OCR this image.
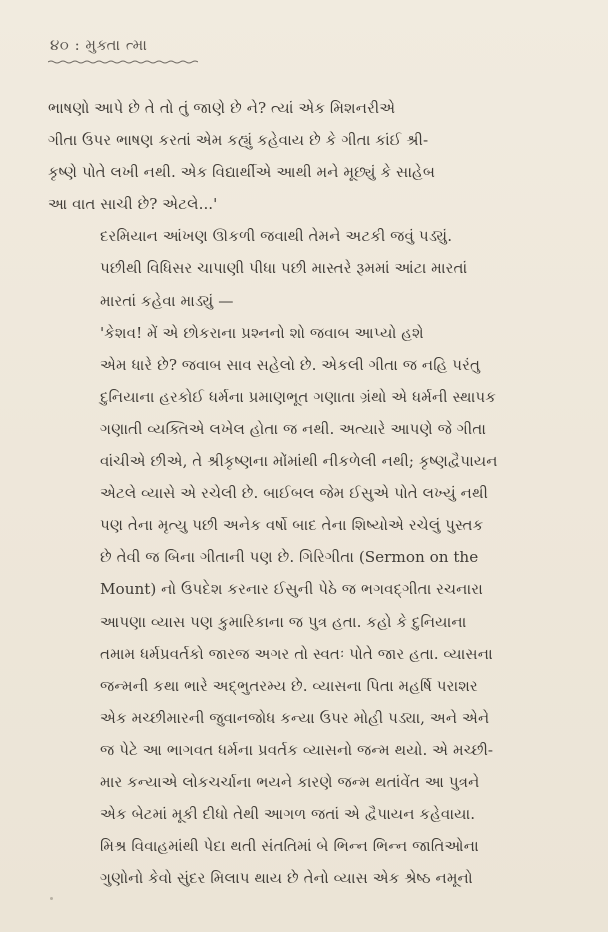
૪૦ : મુક્તા ત્મા

ભાષણો આપે છે તે તો તું જાણે છે ને? ત્યાં એક મિશનરીએ
ગીતા ઉપર ભાષણ કરતાં એમ કહ્યું કહેવાય છે કે ગીતા કાંઈ શ્રી-
કૃષ્ણે પોતે લખી નથી. એક વિદ્યાર્થીએ આથી મને મૂછ્યું કે સાહેબ
આ વાત સાચી છે? એટલે...'

દરમિયાન આંખણ ઊકળી જવાથી તેમને અટકી જવું પડ્યું.
પછીથી વિધિસર ચાપાણી પીધા પછી માસ્તરે રૂમમાં આંટા મારતાં
મારતાં કહેવા માડ્યું —

'કેશવ! મેં એ છોકરાના પ્રશ્નનો શો જવાબ આપ્યો હશે
એમ ધારે છે? જવાબ સાવ સહેલો છે. એકલી ગીતા જ નહિ પરંતુ
દુનિયાના હરકોઈ ધર્મના પ્રમાણભૂત ગણાતા ગ્રંથો એ ધર્મની સ્થાપક
ગણાતી વ્યક્તિએ લખેલ હોતા જ નથી. અત્યારે આપણે જે ગીતા
વાંચીએ છીએ, તે શ્રીકૃષ્ણના મોંમાંથી નીકળેલી નથી; કૃષ્ણદ્વૈપાયન
એટલે વ્યાસે એ રચેલી છે. બાઈબલ જેમ ઈસુએ પોતે લખ્યું નથી
પણ તેના મૃત્યુ પછી અનેક વર્ષો બાદ તેના શિષ્યોએ રચેલું પુસ્તક
છે તેવી જ બિના ગીતાની પણ છે. ગિરિગીતા (Sermon on the
Mount) નો ઉપદેશ કરનાર ઈસુની પેઠે જ ભગવદ્ગીતા રચનારા
આપણા વ્યાસ પણ કુમારિકાના જ પુત્ર હતા. કહો કે દુનિયાના
તમામ ધર્મપ્રવર્તકો જારજ અગર તો સ્વતઃ પોતે જાર હતા. વ્યાસના
જન્મની કથા ભારે અદ્ભુતરમ્ય છે. વ્યાસના પિતા મહર્ષિ પરાશર
એક મચ્છીમારની જુવાનજોધ કન્યા ઉપર મોહી પડ્યા, અને એને
જ પેટે આ ભાગવત ધર્મના પ્રવર્તક વ્યાસનો જન્મ થયો. એ મચ્છી-
માર કન્યાએ લોકચર્ચાના ભયને કારણે જન્મ થતાંવેંત આ પુત્રને
એક બેટમાં મૂકી દીધો તેથી આગળ જતાં એ દ્વૈપાયન કહેવાયા.
મિશ્ર વિવાહમાંથી પેદા થતી સંતતિમાં બે ભિન્ન ભિન્ન જાતિઓના
ગુણોનો કેવો સુંદર મિલાપ થાય છે તેનો વ્યાસ એક શ્રેષ્ઠ નમૂનો
